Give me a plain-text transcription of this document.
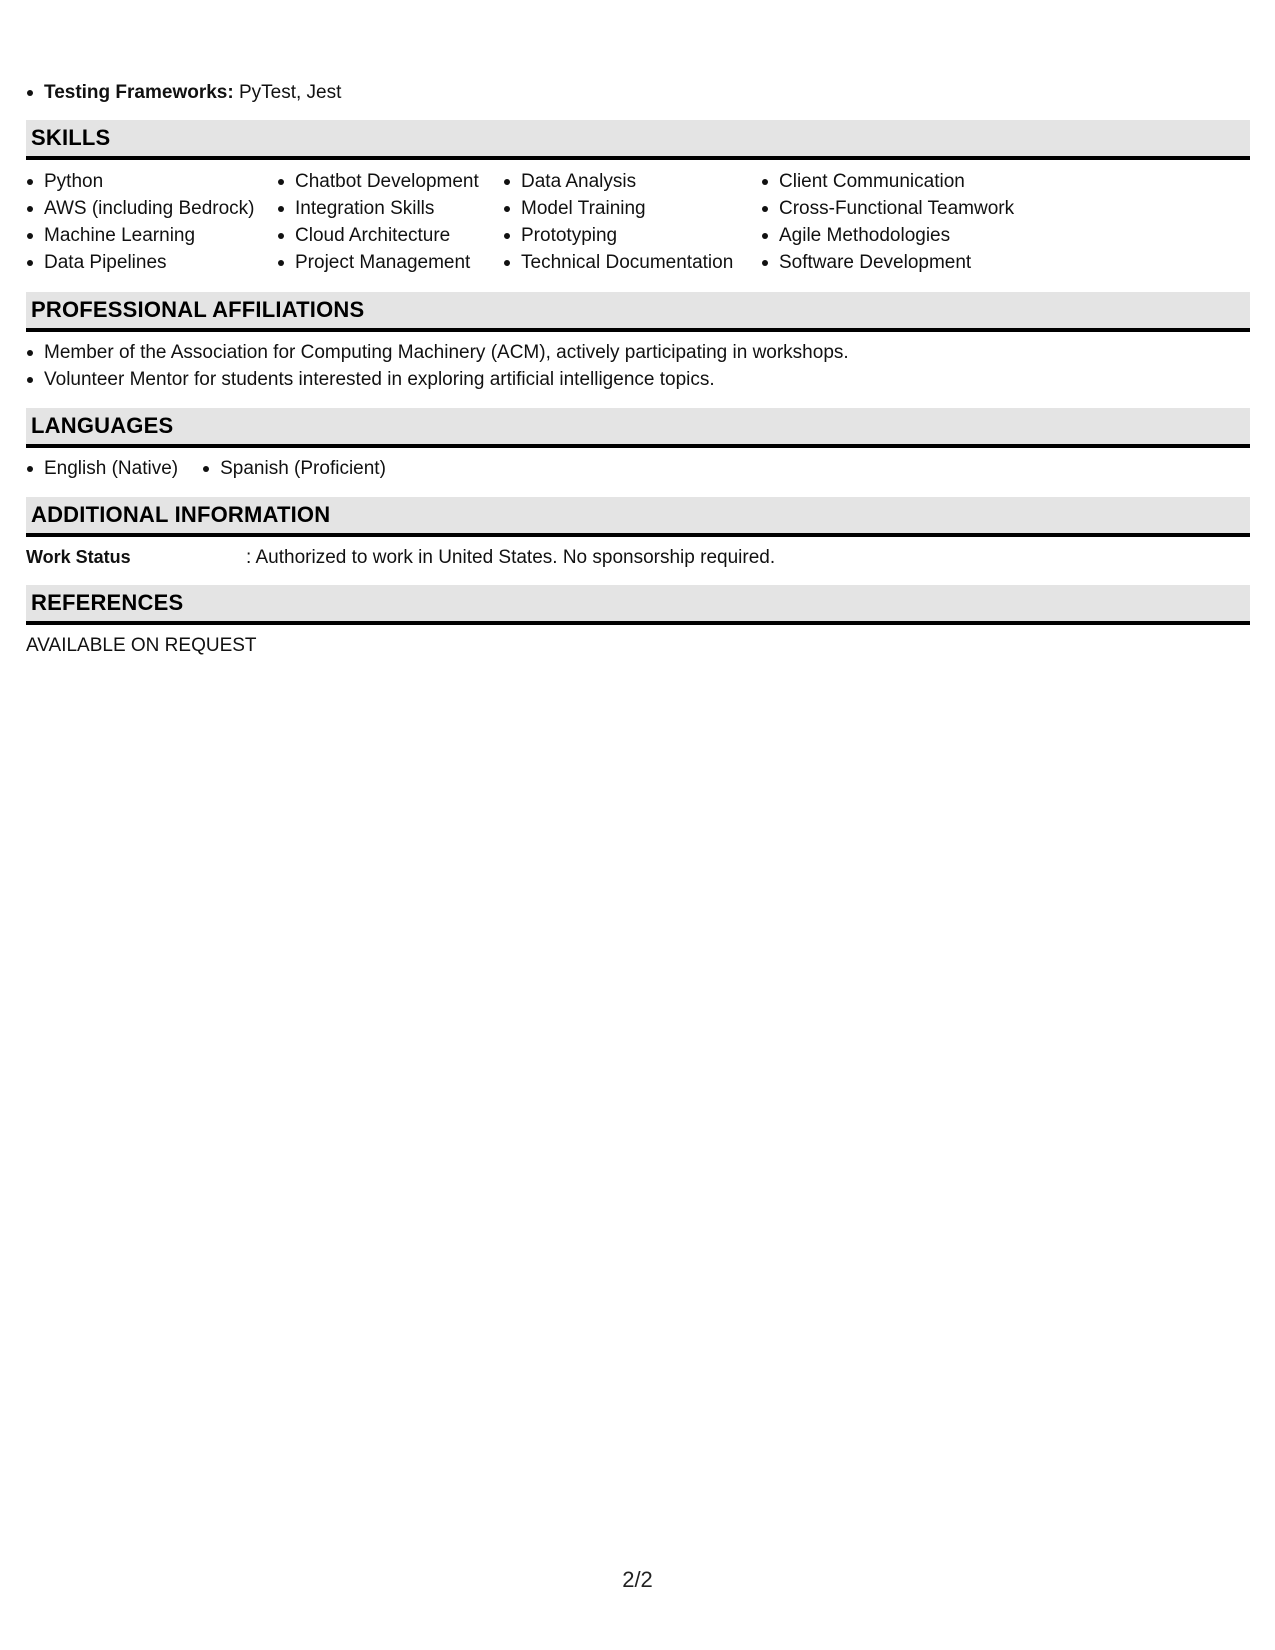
Testing Frameworks: PyTest, Jest
SKILLS
Python
AWS (including Bedrock)
Machine Learning
Data Pipelines
Chatbot Development
Integration Skills
Cloud Architecture
Project Management
Data Analysis
Model Training
Prototyping
Technical Documentation
Client Communication
Cross-Functional Teamwork
Agile Methodologies
Software Development
PROFESSIONAL AFFILIATIONS
Member of the Association for Computing Machinery (ACM), actively participating in workshops.
Volunteer Mentor for students interested in exploring artificial intelligence topics.
LANGUAGES
English (Native)	Spanish (Proficient)
ADDITIONAL INFORMATION
Work Status	: Authorized to work in United States. No sponsorship required.
REFERENCES
AVAILABLE ON REQUEST
2/2
